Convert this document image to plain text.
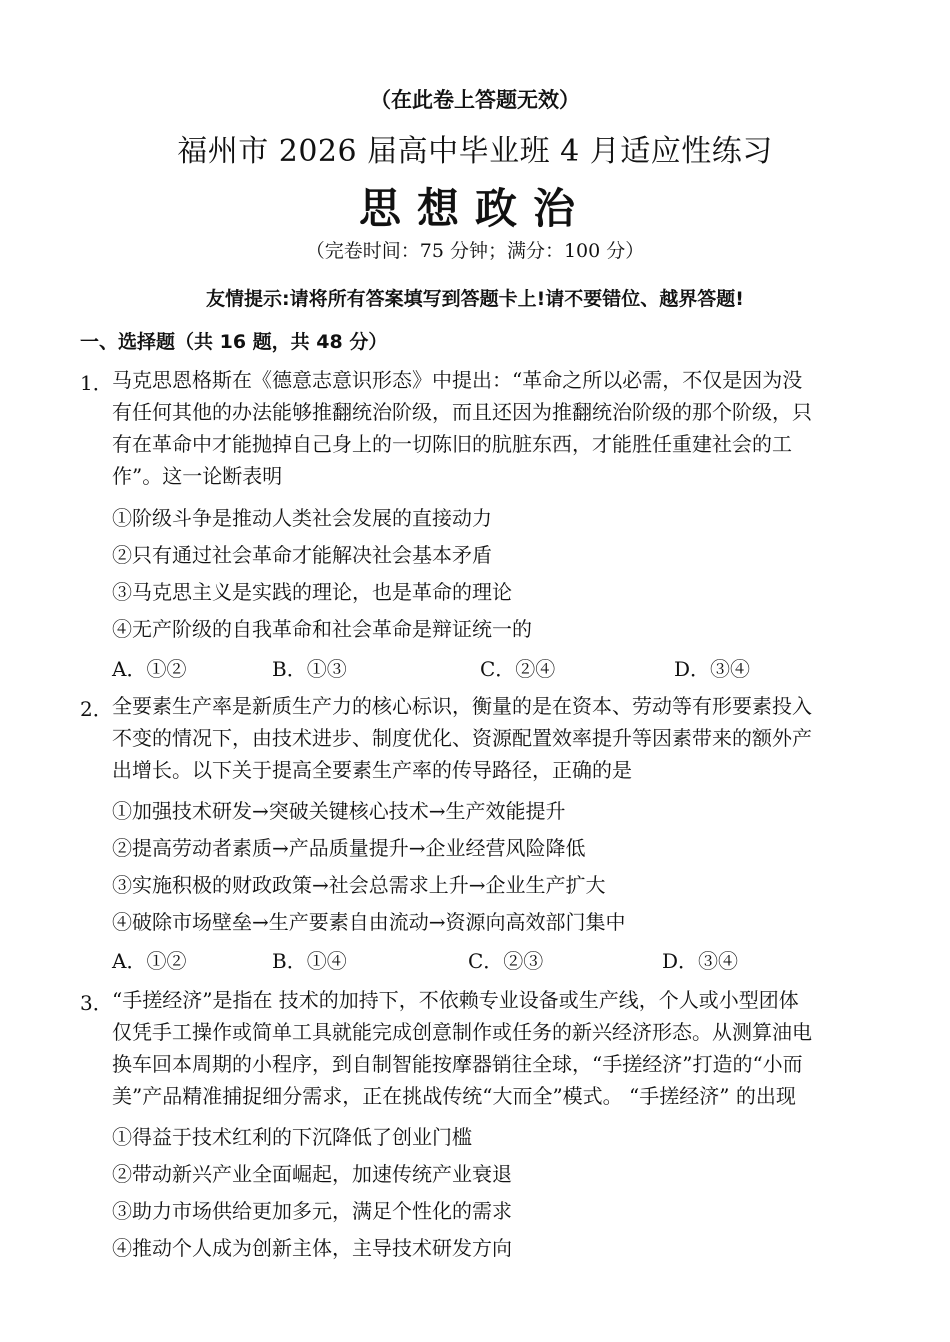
（在此卷上答题无效）
福州市 2026 届高中毕业班 4 月适应性练习
思想政治
（完卷时间：75 分钟；满分：100 分）
友情提示:请将所有答案填写到答题卡上!请不要错位、越界答题!
一、选择题（共 16 题，共 48 分）
1． 马克思恩格斯在《德意志意识形态》中提出：“革命之所以必需，不仅是因为没
有任何其他的办法能够推翻统治阶级，而且还因为推翻统治阶级的那个阶级，只
有在革命中才能抛掉自己身上的一切陈旧的肮脏东西，才能胜任重建社会的工
作”。这一论断表明
①阶级斗争是推动人类社会发展的直接动力
②只有通过社会革命才能解决社会基本矛盾
③马克思主义是实践的理论，也是革命的理论
④无产阶级的自我革命和社会革命是辩证统一的
A．①②	B．①③	C．②④	D．③④
2． 全要素生产率是新质生产力的核心标识，衡量的是在资本、劳动等有形要素投入
不变的情况下，由技术进步、制度优化、资源配置效率提升等因素带来的额外产
出增长。以下关于提高全要素生产率的传导路径，正确的是
①加强技术研发→突破关键核心技术→生产效能提升
②提高劳动者素质→产品质量提升→企业经营风险降低
③实施积极的财政政策→社会总需求上升→企业生产扩大
④破除市场壁垒→生产要素自由流动→资源向高效部门集中
A．①②	B．①④	C．②③	D．③④
3． “手搓经济”是指在 技术的加持下，不依赖专业设备或生产线，个人或小型团体
仅凭手工操作或简单工具就能完成创意制作或任务的新兴经济形态。从测算油电
换车回本周期的小程序，到自制智能按摩器销往全球，“手搓经济”打造的“小而
美”产品精准捕捉细分需求，正在挑战传统“大而全”模式。 “手搓经济” 的出现
①得益于技术红利的下沉降低了创业门槛
②带动新兴产业全面崛起，加速传统产业衰退
③助力市场供给更加多元，满足个性化的需求
④推动个人成为创新主体，主导技术研发方向
